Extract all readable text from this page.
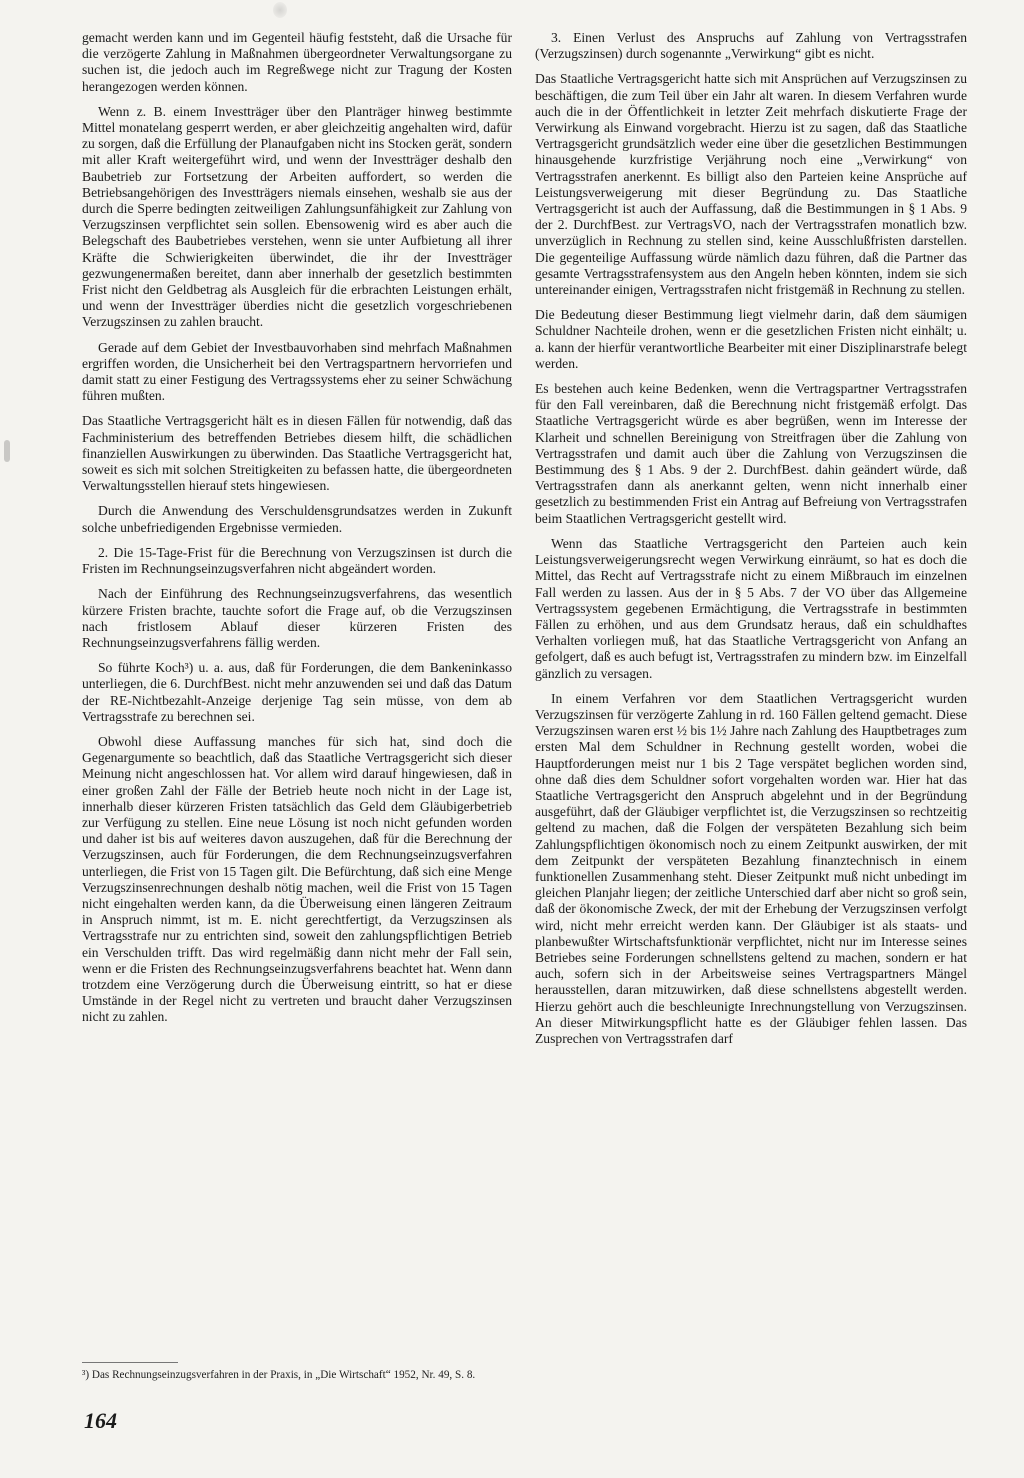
gemacht werden kann und im Gegenteil häufig feststeht, daß die Ursache für die verzögerte Zahlung in Maßnahmen übergeordneter Verwaltungsorgane zu suchen ist, die jedoch auch im Regreßwege nicht zur Tragung der Kosten herangezogen werden können.

Wenn z. B. einem Investträger über den Planträger hinweg bestimmte Mittel monatelang gesperrt werden, er aber gleichzeitig angehalten wird, dafür zu sorgen, daß die Erfüllung der Planaufgaben nicht ins Stocken gerät, sondern mit aller Kraft weitergeführt wird, und wenn der Investträger deshalb den Baubetrieb zur Fortsetzung der Arbeiten auffordert, so werden die Betriebsangehörigen des Investträgers niemals einsehen, weshalb sie aus der durch die Sperre bedingten zeitweiligen Zahlungsunfähigkeit zur Zahlung von Verzugszinsen verpflichtet sein sollen. Ebensowenig wird es aber auch die Belegschaft des Baubetriebes verstehen, wenn sie unter Aufbietung all ihrer Kräfte die Schwierigkeiten überwindet, die ihr der Investträger gezwungenermaßen bereitet, dann aber innerhalb der gesetzlich bestimmten Frist nicht den Geldbetrag als Ausgleich für die erbrachten Leistungen erhält, und wenn der Investträger überdies nicht die gesetzlich vorgeschriebenen Verzugszinsen zu zahlen braucht.

Gerade auf dem Gebiet der Investbauvorhaben sind mehrfach Maßnahmen ergriffen worden, die Unsicherheit bei den Vertragspartnern hervorriefen und damit statt zu einer Festigung des Vertragssystems eher zu seiner Schwächung führen mußten.

Das Staatliche Vertragsgericht hält es in diesen Fällen für notwendig, daß das Fachministerium des betreffenden Betriebes diesem hilft, die schädlichen finanziellen Auswirkungen zu überwinden. Das Staatliche Vertragsgericht hat, soweit es sich mit solchen Streitigkeiten zu befassen hatte, die übergeordneten Verwaltungsstellen hierauf stets hingewiesen.

Durch die Anwendung des Verschuldensgrundsatzes werden in Zukunft solche unbefriedigenden Ergebnisse vermieden.

2. Die 15-Tage-Frist für die Berechnung von Verzugszinsen ist durch die Fristen im Rechnungseinzugsverfahren nicht abgeändert worden.

Nach der Einführung des Rechnungseinzugsverfahrens, das wesentlich kürzere Fristen brachte, tauchte sofort die Frage auf, ob die Verzugszinsen nach fristlosem Ablauf dieser kürzeren Fristen des Rechnungseinzugsverfahrens fällig werden.

So führte Koch³) u. a. aus, daß für Forderungen, die dem Bankeninkasso unterliegen, die 6. DurchfBest. nicht mehr anzuwenden sei und daß das Datum der RE-Nichtbezahlt-Anzeige derjenige Tag sein müsse, von dem ab Vertragsstrafe zu berechnen sei.

Obwohl diese Auffassung manches für sich hat, sind doch die Gegenargumente so beachtlich, daß das Staatliche Vertragsgericht sich dieser Meinung nicht angeschlossen hat. Vor allem wird darauf hingewiesen, daß in einer großen Zahl der Fälle der Betrieb heute noch nicht in der Lage ist, innerhalb dieser kürzeren Fristen tatsächlich das Geld dem Gläubigerbetrieb zur Verfügung zu stellen. Eine neue Lösung ist noch nicht gefunden worden und daher ist bis auf weiteres davon auszugehen, daß für die Berechnung der Verzugszinsen, auch für Forderungen, die dem Rechnungseinzugsverfahren unterliegen, die Frist von 15 Tagen gilt. Die Befürchtung, daß sich eine Menge Verzugszinsenrechnungen deshalb nötig machen, weil die Frist von 15 Tagen nicht eingehalten werden kann, da die Überweisung einen längeren Zeitraum in Anspruch nimmt, ist m. E. nicht gerechtfertigt, da Verzugszinsen als Vertragsstrafe nur zu entrichten sind, soweit den zahlungspflichtigen Betrieb ein Verschulden trifft. Das wird regelmäßig dann nicht mehr der Fall sein, wenn er die Fristen des Rechnungseinzugsverfahrens beachtet hat. Wenn dann trotzdem eine Verzögerung durch die Überweisung eintritt, so hat er diese Umstände in der Regel nicht zu vertreten und braucht daher Verzugszinsen nicht zu zahlen.

3. Einen Verlust des Anspruchs auf Zahlung von Vertragsstrafen (Verzugszinsen) durch sogenannte „Verwirkung“ gibt es nicht.

Das Staatliche Vertragsgericht hatte sich mit Ansprüchen auf Verzugszinsen zu beschäftigen, die zum Teil über ein Jahr alt waren. In diesem Verfahren wurde auch die in der Öffentlichkeit in letzter Zeit mehrfach diskutierte Frage der Verwirkung als Einwand vorgebracht. Hierzu ist zu sagen, daß das Staatliche Vertragsgericht grundsätzlich weder eine über die gesetzlichen Bestimmungen hinausgehende kurzfristige Verjährung noch eine „Verwirkung“ von Vertragsstrafen anerkennt. Es billigt also den Parteien keine Ansprüche auf Leistungsverweigerung mit dieser Begründung zu. Das Staatliche Vertragsgericht ist auch der Auffassung, daß die Bestimmungen in § 1 Abs. 9 der 2. DurchfBest. zur VertragsVO, nach der Vertragsstrafen monatlich bzw. unverzüglich in Rechnung zu stellen sind, keine Ausschlußfristen darstellen. Die gegenteilige Auffassung würde nämlich dazu führen, daß die Partner das gesamte Vertragsstrafensystem aus den Angeln heben könnten, indem sie sich untereinander einigen, Vertragsstrafen nicht fristgemäß in Rechnung zu stellen.

Die Bedeutung dieser Bestimmung liegt vielmehr darin, daß dem säumigen Schuldner Nachteile drohen, wenn er die gesetzlichen Fristen nicht einhält; u. a. kann der hierfür verantwortliche Bearbeiter mit einer Disziplinarstrafe belegt werden.

Es bestehen auch keine Bedenken, wenn die Vertragspartner Vertragsstrafen für den Fall vereinbaren, daß die Berechnung nicht fristgemäß erfolgt. Das Staatliche Vertragsgericht würde es aber begrüßen, wenn im Interesse der Klarheit und schnellen Bereinigung von Streitfragen über die Zahlung von Vertragsstrafen und damit auch über die Zahlung von Verzugszinsen die Bestimmung des § 1 Abs. 9 der 2. DurchfBest. dahin geändert würde, daß Vertragsstrafen dann als anerkannt gelten, wenn nicht innerhalb einer gesetzlich zu bestimmenden Frist ein Antrag auf Befreiung von Vertragsstrafen beim Staatlichen Vertragsgericht gestellt wird.

Wenn das Staatliche Vertragsgericht den Parteien auch kein Leistungsverweigerungsrecht wegen Verwirkung einräumt, so hat es doch die Mittel, das Recht auf Vertragsstrafe nicht zu einem Mißbrauch im einzelnen Fall werden zu lassen. Aus der in § 5 Abs. 7 der VO über das Allgemeine Vertragssystem gegebenen Ermächtigung, die Vertragsstrafe in bestimmten Fällen zu erhöhen, und aus dem Grundsatz heraus, daß ein schuldhaftes Verhalten vorliegen muß, hat das Staatliche Vertragsgericht von Anfang an gefolgert, daß es auch befugt ist, Vertragsstrafen zu mindern bzw. im Einzelfall gänzlich zu versagen.

In einem Verfahren vor dem Staatlichen Vertragsgericht wurden Verzugszinsen für verzögerte Zahlung in rd. 160 Fällen geltend gemacht. Diese Verzugszinsen waren erst ½ bis 1½ Jahre nach Zahlung des Hauptbetrages zum ersten Mal dem Schuldner in Rechnung gestellt worden, wobei die Hauptforderungen meist nur 1 bis 2 Tage verspätet beglichen worden sind, ohne daß dies dem Schuldner sofort vorgehalten worden war. Hier hat das Staatliche Vertragsgericht den Anspruch abgelehnt und in der Begründung ausgeführt, daß der Gläubiger verpflichtet ist, die Verzugszinsen so rechtzeitig geltend zu machen, daß die Folgen der verspäteten Bezahlung sich beim Zahlungspflichtigen ökonomisch noch zu einem Zeitpunkt auswirken, der mit dem Zeitpunkt der verspäteten Bezahlung finanztechnisch in einem funktionellen Zusammenhang steht. Dieser Zeitpunkt muß nicht unbedingt im gleichen Planjahr liegen; der zeitliche Unterschied darf aber nicht so groß sein, daß der ökonomische Zweck, der mit der Erhebung der Verzugszinsen verfolgt wird, nicht mehr erreicht werden kann. Der Gläubiger ist als staats- und planbewußter Wirtschaftsfunktionär verpflichtet, nicht nur im Interesse seines Betriebes seine Forderungen schnellstens geltend zu machen, sondern er hat auch, sofern sich in der Arbeitsweise seines Vertragspartners Mängel herausstellen, daran mitzuwirken, daß diese schnellstens abgestellt werden. Hierzu gehört auch die beschleunigte Inrechnungstellung von Verzugszinsen. An dieser Mitwirkungspflicht hatte es der Gläubiger fehlen lassen. Das Zusprechen von Vertragsstrafen darf

³) Das Rechnungseinzugsverfahren in der Praxis, in „Die Wirtschaft“ 1952, Nr. 49, S. 8.
164
